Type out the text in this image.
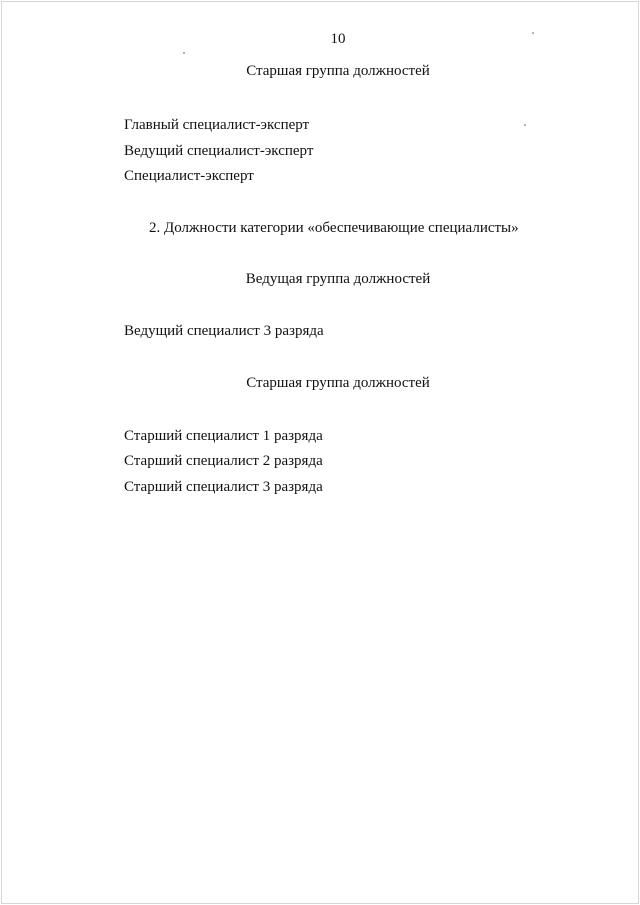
10

Старшая группа должностей

Главный специалист-эксперт

Ведущий специалист-эксперт

Специалист-эксперт

2. Должности категории «обеспечивающие специалисты»

Ведущая группа должностей

Ведущий специалист 3 разряда

Старшая группа должностей

Старший специалист 1 разряда

Старший специалист 2 разряда

Старший специалист 3 разряда
